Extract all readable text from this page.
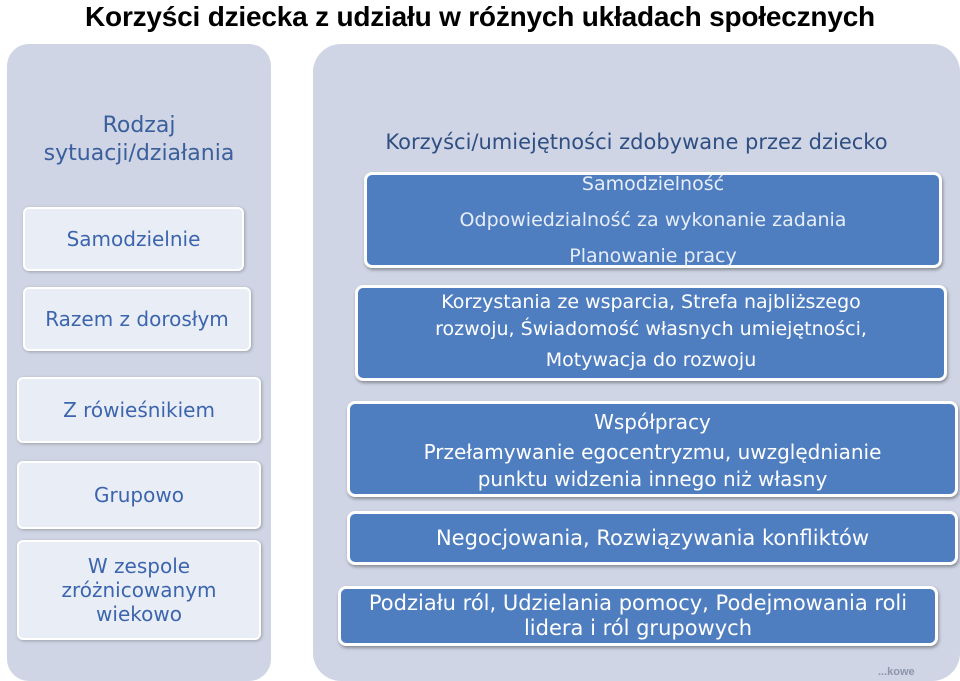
Korzyści dziecka z udziału w różnych układach społecznych
Rodzaj
sytuacji/działania	Korzyści/umiejętności zdobywane przez dziecko
Samodzielnie
Razem z dorosłym
Z rówieśnikiem
Grupowo
W zespole
zróżnicowanym
wiekowo
Samodzielność
Odpowiedzialność za wykonanie zadania
Planowanie pracy
Korzystania ze wsparcia, Strefa najbliższego
rozwoju, Świadomość własnych umiejętności,
Motywacja do rozwoju
Współpracy
Przełamywanie egocentryzmu, uwzględnianie
punktu widzenia innego niż własny
Negocjowania, Rozwiązywania konfliktów
Podziału ról, Udzielania pomocy, Podejmowania roli
lidera i ról grupowych
...kowe
